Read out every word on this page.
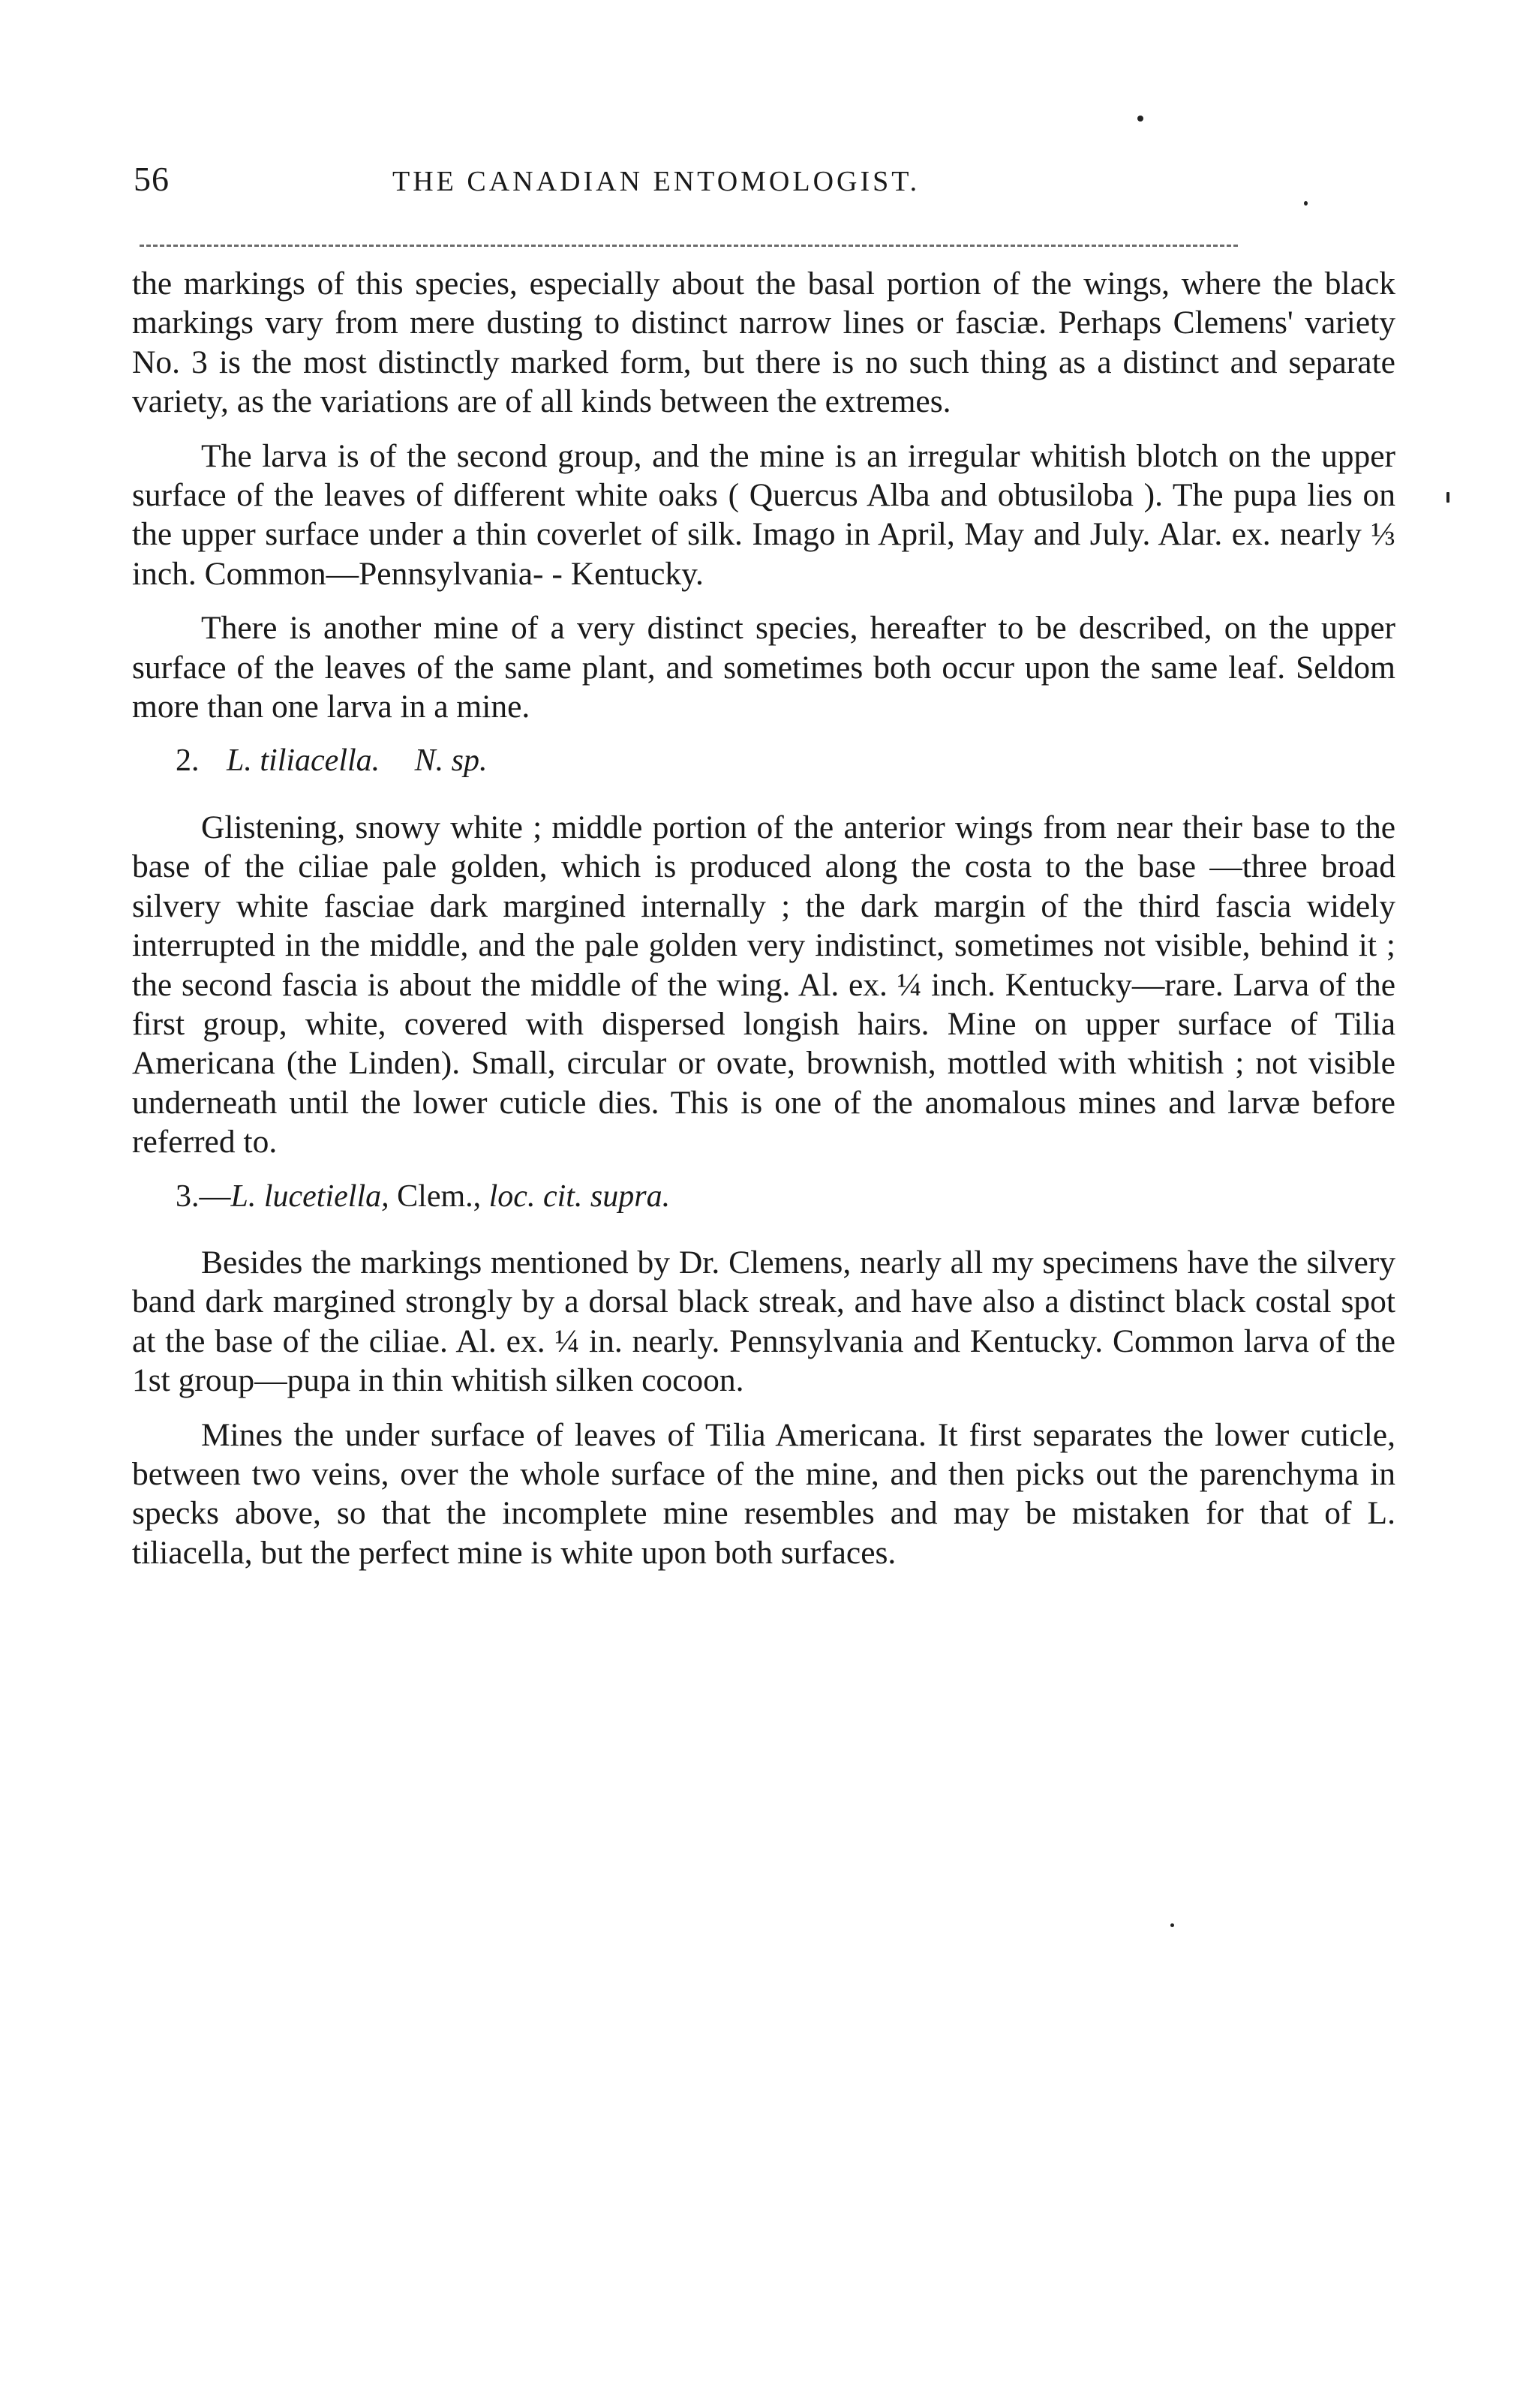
56	THE CANADIAN ENTOMOLOGIST.

the markings of this species, especially about the basal portion of the wings, where the black markings vary from mere dusting to distinct narrow lines or fasciæ. Perhaps Clemens' variety No. 3 is the most distinctly marked form, but there is no such thing as a distinct and separate variety, as the variations are of all kinds between the extremes.

The larva is of the second group, and the mine is an irregular whitish blotch on the upper surface of the leaves of different white oaks ( Quercus Alba and obtusiloba ). The pupa lies on the upper surface under a thin coverlet of silk. Imago in April, May and July. Alar. ex. nearly ⅓ inch. Common—Pennsylvania- - Kentucky.

There is another mine of a very distinct species, hereafter to be described, on the upper surface of the leaves of the same plant, and sometimes both occur upon the same leaf. Seldom more than one larva in a mine.

2. L. tiliacella. N. sp.

Glistening, snowy white ; middle portion of the anterior wings from near their base to the base of the ciliae pale golden, which is produced along the costa to the base —three broad silvery white fasciae dark margined internally ; the dark margin of the third fascia widely interrupted in the middle, and the pale golden very indistinct, sometimes not visible, behind it ; the second fascia is about the middle of the wing. Al. ex. ¼ inch. Kentucky—rare. Larva of the first group, white, covered with dispersed longish hairs. Mine on upper surface of Tilia Americana (the Linden). Small, circular or ovate, brownish, mottled with whitish ; not visible underneath until the lower cuticle dies. This is one of the anomalous mines and larvæ before referred to.

3.—L. lucetiella, Clem., loc. cit. supra.

Besides the markings mentioned by Dr. Clemens, nearly all my specimens have the silvery band dark margined strongly by a dorsal black streak, and have also a distinct black costal spot at the base of the ciliae. Al. ex. ¼ in. nearly. Pennsylvania and Kentucky. Common larva of the 1st group—pupa in thin whitish silken cocoon.

Mines the under surface of leaves of Tilia Americana. It first separates the lower cuticle, between two veins, over the whole surface of the mine, and then picks out the parenchyma in specks above, so that the incomplete mine resembles and may be mistaken for that of L. tiliacella, but the perfect mine is white upon both surfaces.
